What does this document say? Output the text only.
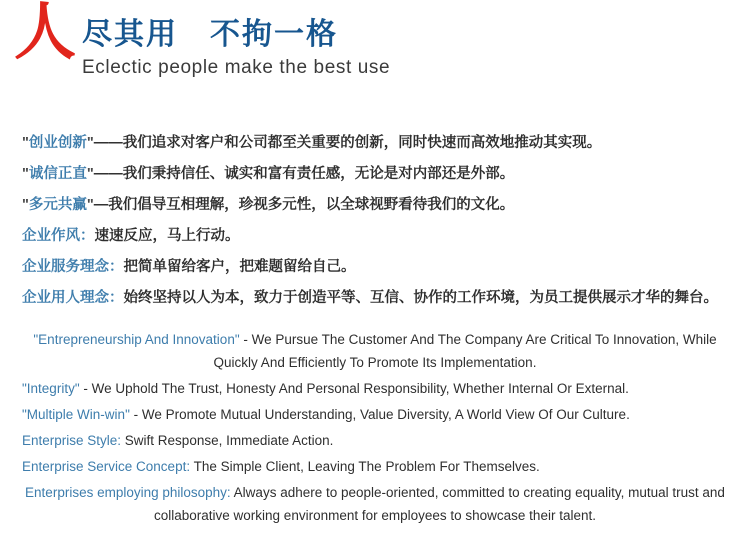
人 尽其用　不拘一格
Eclectic people make the best use

"创业创新"——我们追求对客户和公司都至关重要的创新，同时快速而高效地推动其实现。

"诚信正直"——我们秉持信任、诚实和富有责任感，无论是对内部还是外部。

"多元共赢"—我们倡导互相理解，珍视多元性，以全球视野看待我们的文化。

企业作风：速速反应，马上行动。

企业服务理念：把简单留给客户，把难题留给自己。

企业用人理念：始终坚持以人为本，致力于创造平等、互信、协作的工作环境，为员工提供展示才华的舞台。

"Entrepreneurship And Innovation" - We Pursue The Customer And The Company Are Critical To Innovation, While Quickly And Efficiently To Promote Its Implementation.

"Integrity" - We Uphold The Trust, Honesty And Personal Responsibility, Whether Internal Or External.

"Multiple Win-win" - We Promote Mutual Understanding, Value Diversity, A World View Of Our Culture.

Enterprise Style: Swift Response, Immediate Action.

Enterprise Service Concept: The Simple Client, Leaving The Problem For Themselves.

Enterprises employing philosophy: Always adhere to people-oriented, committed to creating equality, mutual trust and collaborative working environment for employees to showcase their talent.
